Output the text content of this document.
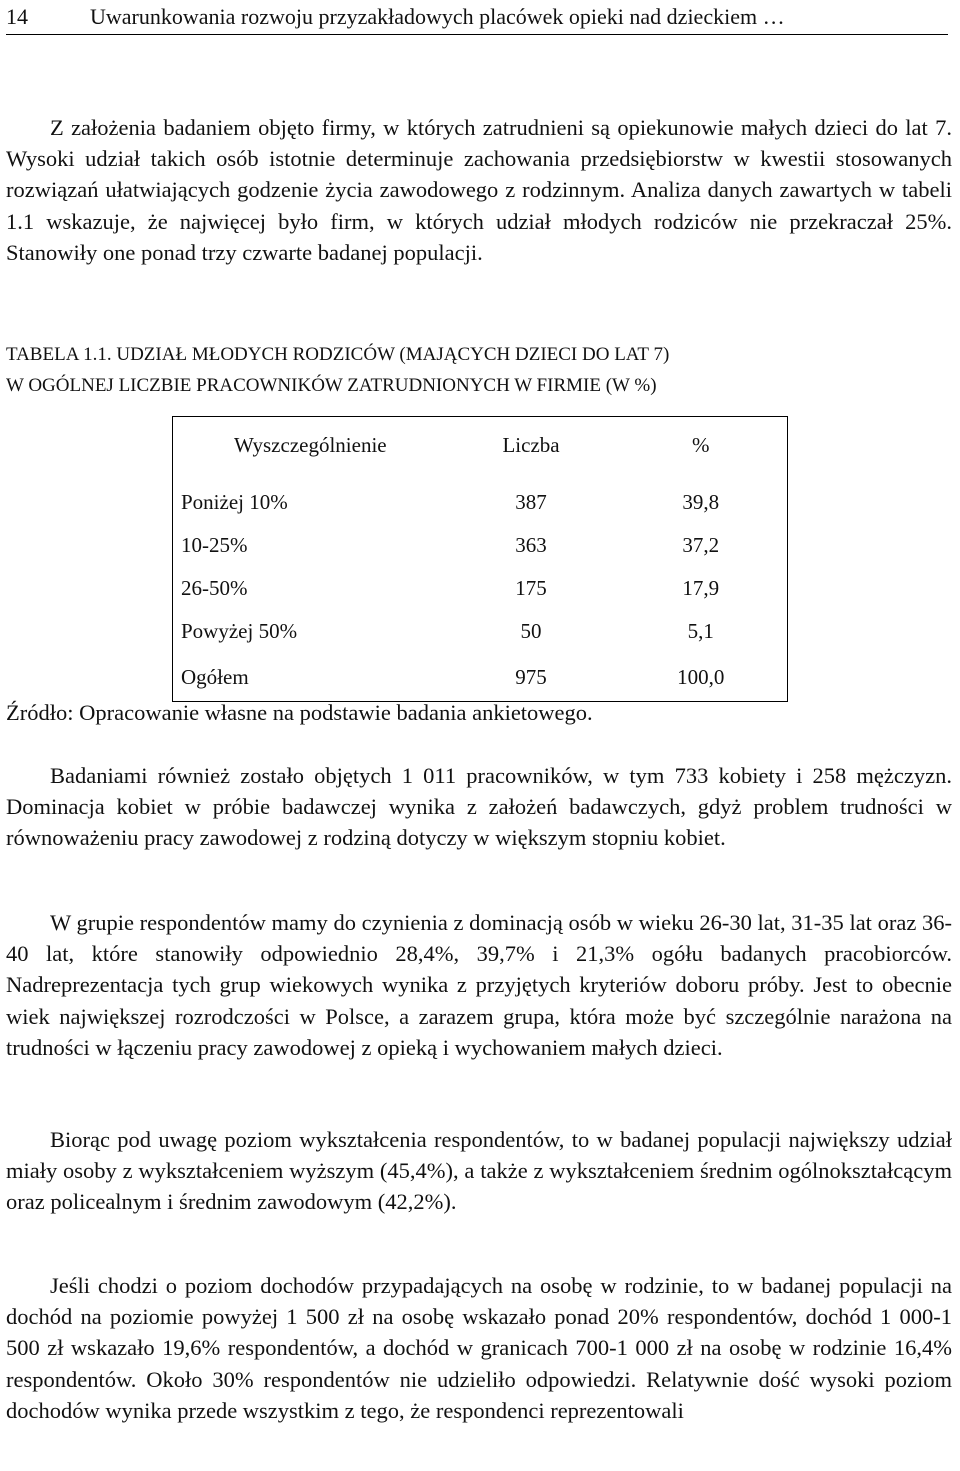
14	Uwarunkowania rozwoju przyzakładowych placówek opieki nad dzieckiem …

Z założenia badaniem objęto firmy, w których zatrudnieni są opiekunowie małych dzieci do lat 7. Wysoki udział takich osób istotnie determinuje zachowania przedsiębiorstw w kwestii stosowanych rozwiązań ułatwiających godzenie życia zawodowego z rodzinnym. Analiza danych zawartych w tabeli 1.1 wskazuje, że najwięcej było firm, w których udział młodych rodziców nie przekraczał 25%. Stanowiły one ponad trzy czwarte badanej populacji.

TABELA 1.1. UDZIAŁ MŁODYCH RODZICÓW (MAJĄCYCH DZIECI DO LAT 7)
W OGÓLNEJ LICZBIE PRACOWNIKÓW ZATRUDNIONYCH W FIRMIE (W %)
Wyszczególnienie	Liczba	%

Poniżej 10%	387	39,8
10-25%	363	37,2
26-50%	175	17,9
Powyżej 50%	50	5,1
Ogółem	975	100,0
Źródło: Opracowanie własne na podstawie badania ankietowego.

Badaniami również zostało objętych 1 011 pracowników, w tym 733 kobiety i 258 mężczyzn. Dominacja kobiet w próbie badawczej wynika z założeń badawczych, gdyż problem trudności w równoważeniu pracy zawodowej z rodziną dotyczy w większym stopniu kobiet.

W grupie respondentów mamy do czynienia z dominacją osób w wieku 26-30 lat, 31-35 lat oraz 36-40 lat, które stanowiły odpowiednio 28,4%, 39,7% i 21,3% ogółu badanych pracobiorców. Nadreprezentacja tych grup wiekowych wynika z przyjętych kryteriów doboru próby. Jest to obecnie wiek największej rozrodczości w Polsce, a zarazem grupa, która może być szczególnie narażona na trudności w łączeniu pracy zawodowej z opieką i wychowaniem małych dzieci.

Biorąc pod uwagę poziom wykształcenia respondentów, to w badanej populacji największy udział miały osoby z wykształceniem wyższym (45,4%), a także z wykształceniem średnim ogólnokształcącym oraz policealnym i średnim zawodowym (42,2%).

Jeśli chodzi o poziom dochodów przypadających na osobę w rodzinie, to w badanej populacji na dochód na poziomie powyżej 1 500 zł na osobę wskazało ponad 20% respondentów, dochód 1 000-1 500 zł wskazało 19,6% respondentów, a dochód w granicach 700-1 000 zł na osobę w rodzinie 16,4% respondentów. Około 30% respondentów nie udzieliło odpowiedzi. Relatywnie dość wysoki poziom dochodów wynika przede wszystkim z tego, że respondenci reprezentowali
